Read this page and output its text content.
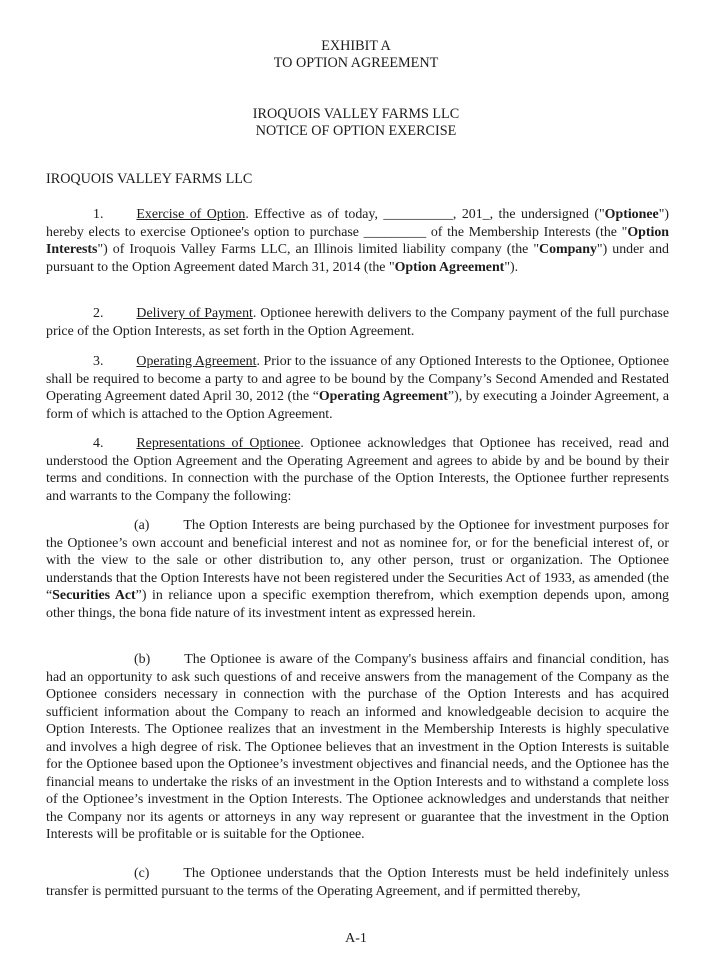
EXHIBIT A
TO OPTION AGREEMENT
IROQUOIS VALLEY FARMS LLC
NOTICE OF OPTION EXERCISE
IROQUOIS VALLEY FARMS LLC

1. Exercise of Option. Effective as of today, __________, 201_, the undersigned ("Optionee") hereby elects to exercise Optionee's option to purchase _________ of the Membership Interests (the "Option Interests") of Iroquois Valley Farms LLC, an Illinois limited liability company (the "Company") under and pursuant to the Option Agreement dated March 31, 2014 (the "Option Agreement").

2. Delivery of Payment. Optionee herewith delivers to the Company payment of the full purchase price of the Option Interests, as set forth in the Option Agreement.

3. Operating Agreement. Prior to the issuance of any Optioned Interests to the Optionee, Optionee shall be required to become a party to and agree to be bound by the Company’s Second Amended and Restated Operating Agreement dated April 30, 2012 (the “Operating Agreement”), by executing a Joinder Agreement, a form of which is attached to the Option Agreement.

4. Representations of Optionee. Optionee acknowledges that Optionee has received, read and understood the Option Agreement and the Operating Agreement and agrees to abide by and be bound by their terms and conditions. In connection with the purchase of the Option Interests, the Optionee further represents and warrants to the Company the following:

(a) The Option Interests are being purchased by the Optionee for investment purposes for the Optionee’s own account and beneficial interest and not as nominee for, or for the beneficial interest of, or with the view to the sale or other distribution to, any other person, trust or organization. The Optionee understands that the Option Interests have not been registered under the Securities Act of 1933, as amended (the “Securities Act”) in reliance upon a specific exemption therefrom, which exemption depends upon, among other things, the bona fide nature of its investment intent as expressed herein.

(b) The Optionee is aware of the Company's business affairs and financial condition, has had an opportunity to ask such questions of and receive answers from the management of the Company as the Optionee considers necessary in connection with the purchase of the Option Interests and has acquired sufficient information about the Company to reach an informed and knowledgeable decision to acquire the Option Interests. The Optionee realizes that an investment in the Membership Interests is highly speculative and involves a high degree of risk. The Optionee believes that an investment in the Option Interests is suitable for the Optionee based upon the Optionee’s investment objectives and financial needs, and the Optionee has the financial means to undertake the risks of an investment in the Option Interests and to withstand a complete loss of the Optionee’s investment in the Option Interests. The Optionee acknowledges and understands that neither the Company nor its agents or attorneys in any way represent or guarantee that the investment in the Option Interests will be profitable or is suitable for the Optionee.

(c) The Optionee understands that the Option Interests must be held indefinitely unless transfer is permitted pursuant to the terms of the Operating Agreement, and if permitted thereby,

A-1
